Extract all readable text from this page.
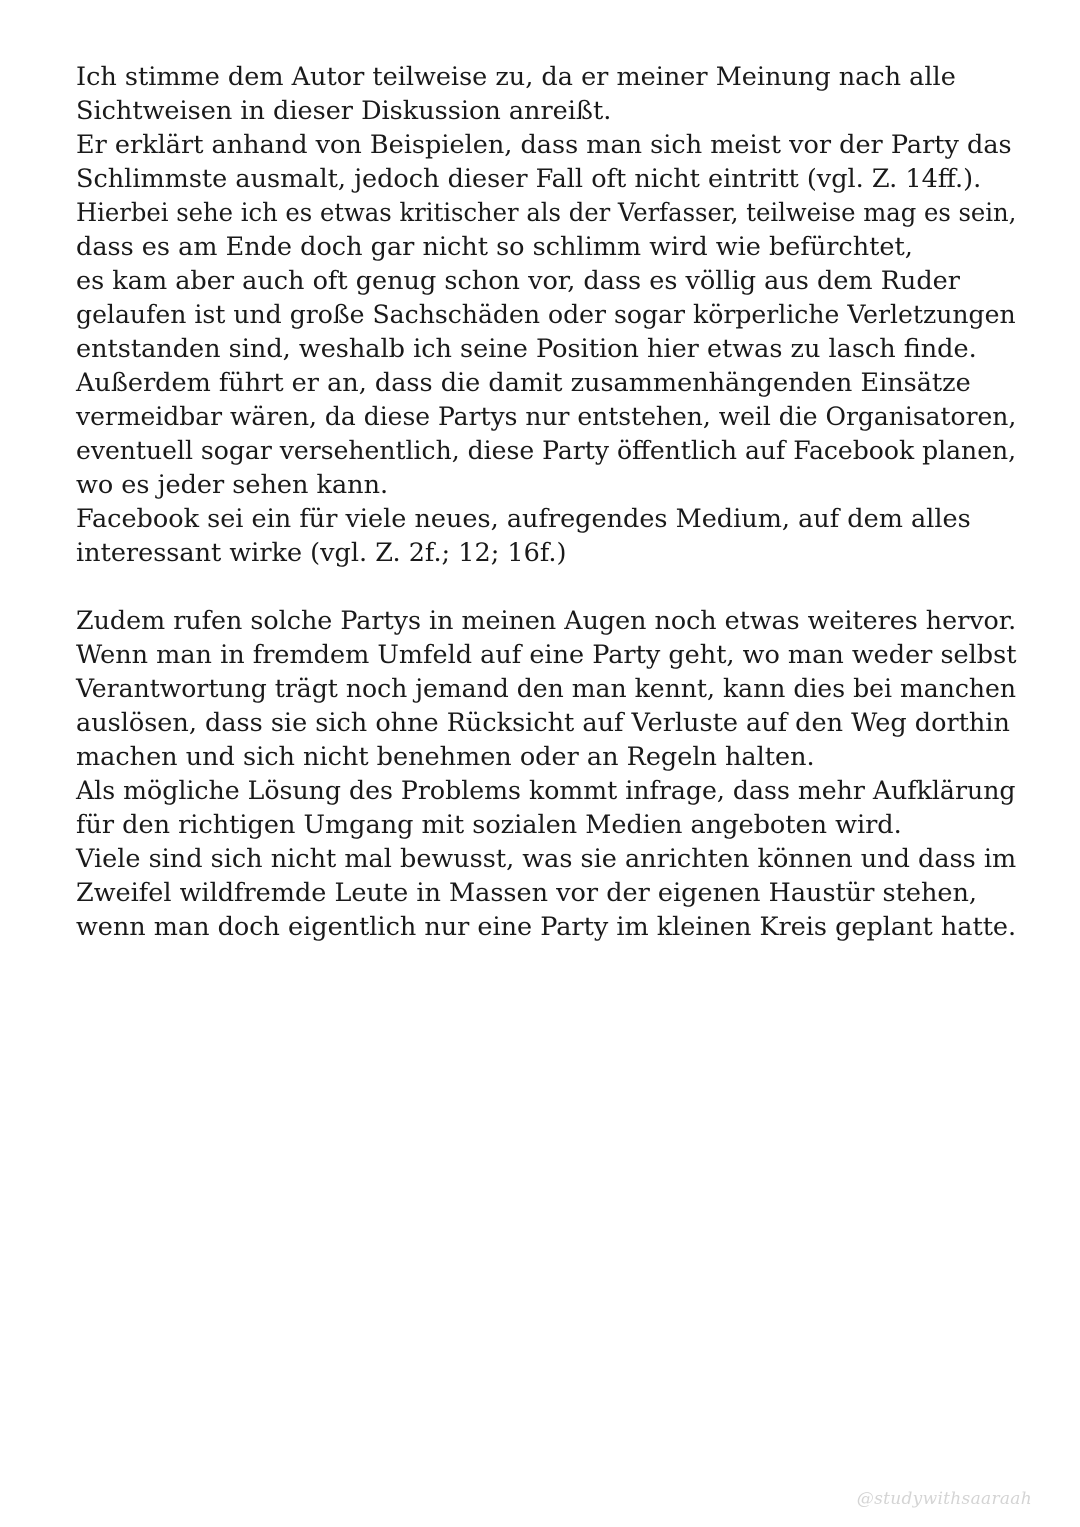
Ich stimme dem Autor teilweise zu, da er meiner Meinung nach alle
Sichtweisen in dieser Diskussion anreißt.
Er erklärt anhand von Beispielen, dass man sich meist vor der Party das
Schlimmste ausmalt, jedoch dieser Fall oft nicht eintritt (vgl. Z. 14ff.).
Hierbei sehe ich es etwas kritischer als der Verfasser, teilweise mag es sein,
dass es am Ende doch gar nicht so schlimm wird wie befürchtet,
es kam aber auch oft genug schon vor, dass es völlig aus dem Ruder
gelaufen ist und große Sachschäden oder sogar körperliche Verletzungen
entstanden sind, weshalb ich seine Position hier etwas zu lasch finde.
Außerdem führt er an, dass die damit zusammenhängenden Einsätze
vermeidbar wären, da diese Partys nur entstehen, weil die Organisatoren,
eventuell sogar versehentlich, diese Party öffentlich auf Facebook planen,
wo es jeder sehen kann.
Facebook sei ein für viele neues, aufregendes Medium, auf dem alles
interessant wirke (vgl. Z. 2f.; 12; 16f.)
Zudem rufen solche Partys in meinen Augen noch etwas weiteres hervor.
Wenn man in fremdem Umfeld auf eine Party geht, wo man weder selbst
Verantwortung trägt noch jemand den man kennt, kann dies bei manchen
auslösen, dass sie sich ohne Rücksicht auf Verluste auf den Weg dorthin
machen und sich nicht benehmen oder an Regeln halten.
Als mögliche Lösung des Problems kommt infrage, dass mehr Aufklärung
für den richtigen Umgang mit sozialen Medien angeboten wird.
Viele sind sich nicht mal bewusst, was sie anrichten können und dass im
Zweifel wildfremde Leute in Massen vor der eigenen Haustür stehen,
wenn man doch eigentlich nur eine Party im kleinen Kreis geplant hatte.
@studywithsaaraah
